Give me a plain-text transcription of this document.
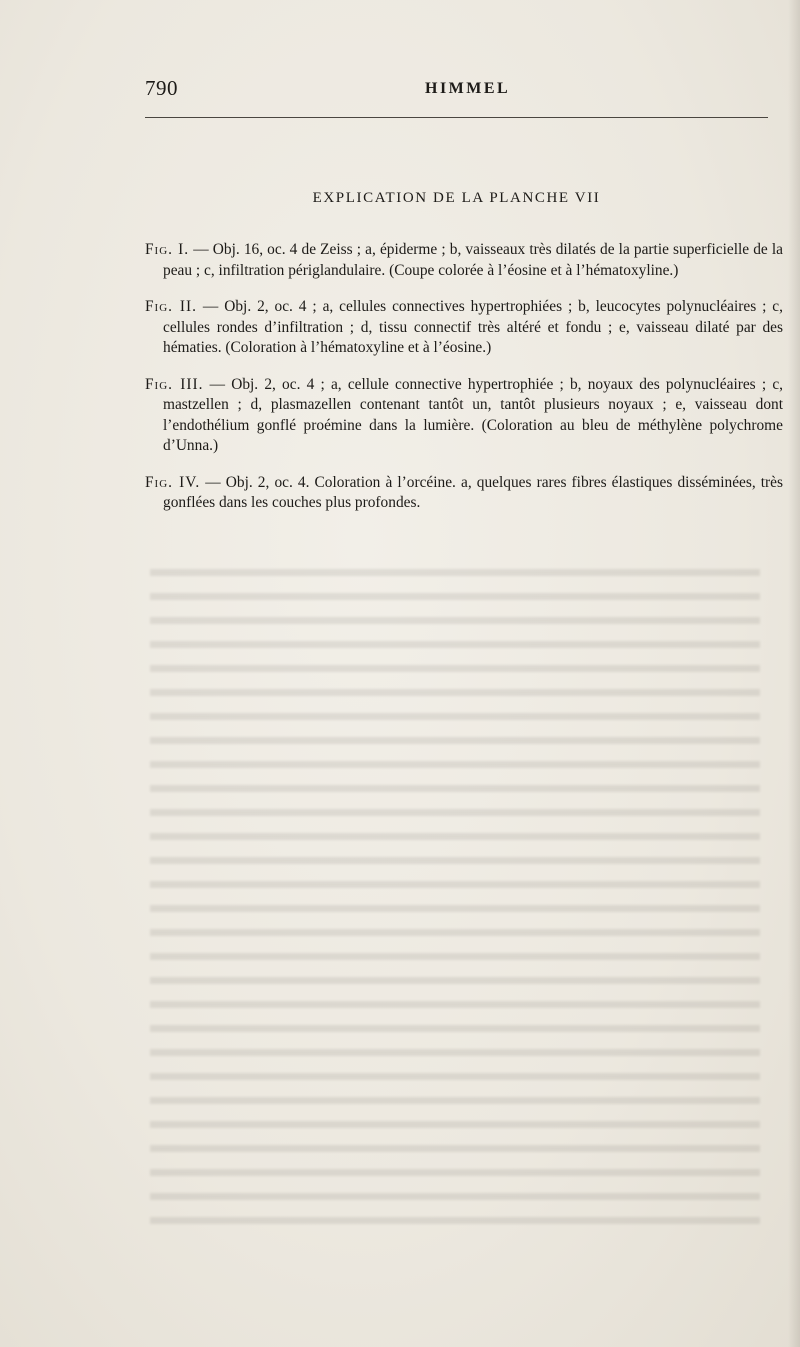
790	HIMMEL
EXPLICATION DE LA PLANCHE VII

Fig. I. — Obj. 16, oc. 4 de Zeiss ; a, épiderme ; b, vaisseaux très dilatés de la partie superficielle de la peau ; c, infiltration périglandulaire. (Coupe colorée à l’éosine et à l’hématoxyline.)

Fig. II. — Obj. 2, oc. 4 ; a, cellules connectives hypertrophiées ; b, leucocytes polynucléaires ; c, cellules rondes d’infiltration ; d, tissu connectif très altéré et fondu ; e, vaisseau dilaté par des hématies. (Coloration à l’hématoxyline et à l’éosine.)

Fig. III. — Obj. 2, oc. 4 ; a, cellule connective hypertrophiée ; b, noyaux des polynucléaires ; c, mastzellen ; d, plasmazellen contenant tantôt un, tantôt plusieurs noyaux ; e, vaisseau dont l’endothélium gonflé proémine dans la lumière. (Coloration au bleu de méthylène polychrome d’Unna.)

Fig. IV. — Obj. 2, oc. 4. Coloration à l’orcéine. a, quelques rares fibres élastiques disséminées, très gonflées dans les couches plus profondes.
